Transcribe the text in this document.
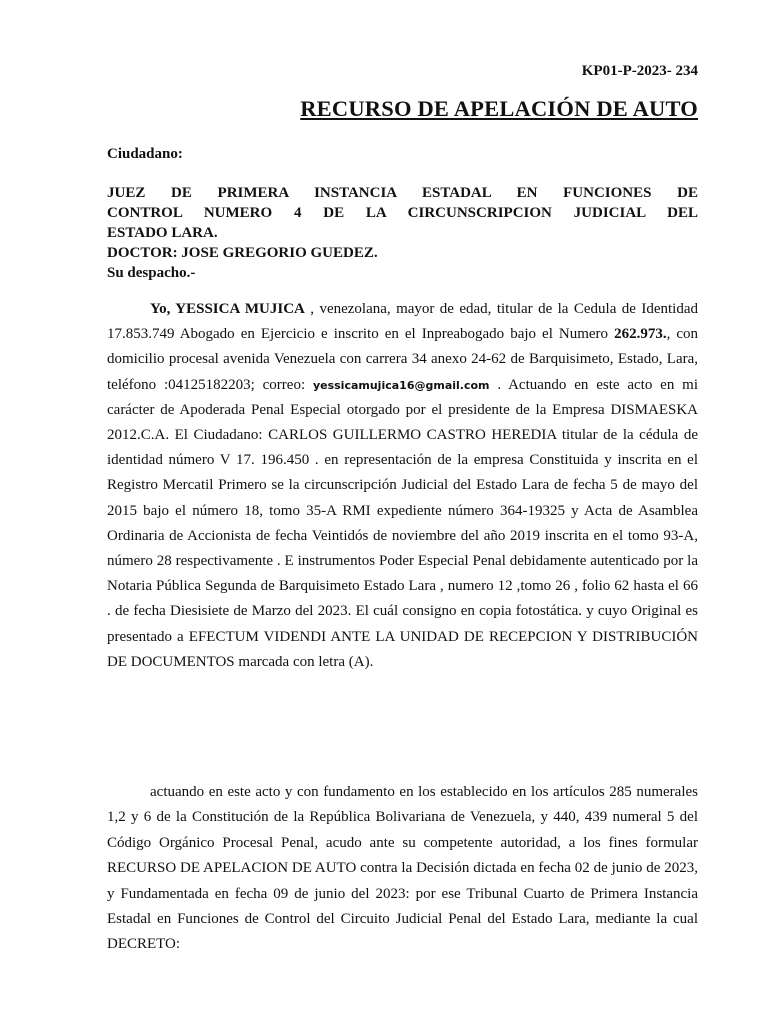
KP01-P-2023- 234
RECURSO DE APELACIÓN DE AUTO
Ciudadano:
JUEZ DE PRIMERA INSTANCIA ESTADAL EN FUNCIONES DE
CONTROL NUMERO 4 DE LA CIRCUNSCRIPCION JUDICIAL DEL
ESTADO LARA.
DOCTOR: JOSE GREGORIO GUEDEZ.
Su despacho.-

Yo, YESSICA MUJICA , venezolana, mayor de edad, titular de la Cedula de Identidad 17.853.749 Abogado en Ejercicio e inscrito en el Inpreabogado bajo el Numero 262.973., con domicilio procesal avenida Venezuela con carrera 34 anexo 24-62 de Barquisimeto, Estado, Lara, teléfono :04125182203; correo: yessicamujica16@gmail.com . Actuando en este acto en mi carácter de Apoderada Penal Especial otorgado por el presidente de la Empresa DISMAESKA 2012.C.A. El Ciudadano: CARLOS GUILLERMO CASTRO HEREDIA titular de la cédula de identidad número V 17. 196.450 . en representación de la empresa Constituida y inscrita en el Registro Mercatil Primero se la circunscripción Judicial del Estado Lara de fecha 5 de mayo del 2015 bajo el número 18, tomo 35-A RMI expediente número 364-19325 y Acta de Asamblea Ordinaria de Accionista de fecha Veintidós de noviembre del año 2019 inscrita en el tomo 93-A, número 28 respectivamente . E instrumentos Poder Especial Penal debidamente autenticado por la Notaria Pública Segunda de Barquisimeto Estado Lara , numero 12 ,tomo 26 , folio 62 hasta el 66 . de fecha Diesisiete de Marzo del 2023. El cuál consigno en copia fotostática. y cuyo Original es presentado a EFECTUM VIDENDI ANTE LA UNIDAD DE RECEPCION Y DISTRIBUCIÓN DE DOCUMENTOS marcada con letra (A).

actuando en este acto y con fundamento en los establecido en los artículos 285 numerales 1,2 y 6 de la Constitución de la República Bolivariana de Venezuela, y 440, 439 numeral 5 del Código Orgánico Procesal Penal, acudo ante su competente autoridad, a los fines formular RECURSO DE APELACION DE AUTO contra la Decisión dictada en fecha 02 de junio de 2023, y Fundamentada en fecha 09 de junio del 2023: por ese Tribunal Cuarto de Primera Instancia Estadal en Funciones de Control del Circuito Judicial Penal del Estado Lara, mediante la cual DECRETO:
